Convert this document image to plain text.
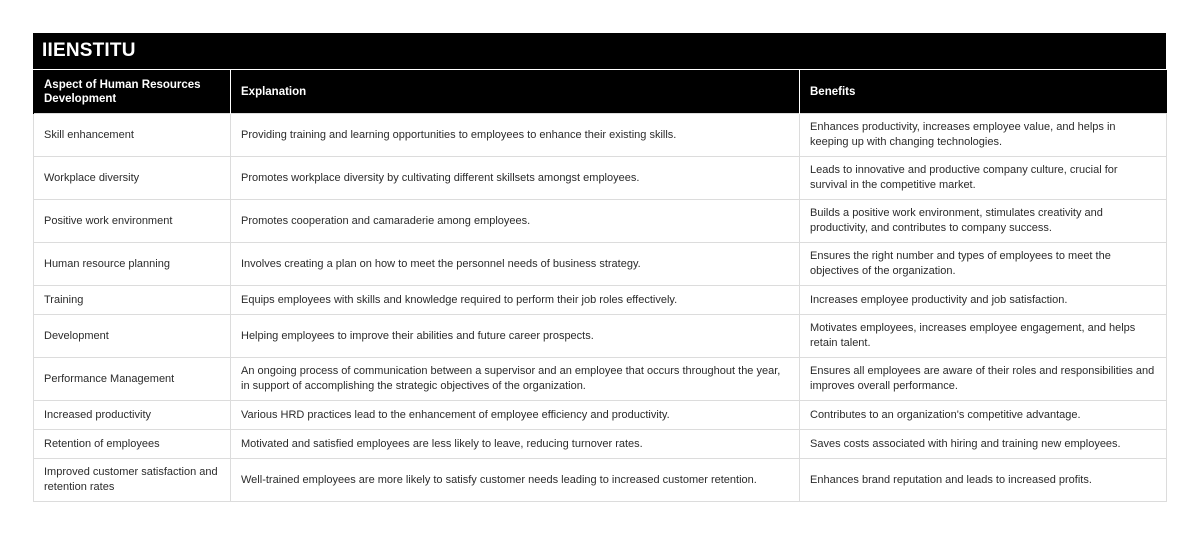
IIENSTITU
Aspect of Human Resources Development	Explanation	Benefits
Skill enhancement	Providing training and learning opportunities to employees to enhance their existing skills.	Enhances productivity, increases employee value, and helps in keeping up with changing technologies.
Workplace diversity	Promotes workplace diversity by cultivating different skillsets amongst employees.	Leads to innovative and productive company culture, crucial for survival in the competitive market.
Positive work environment	Promotes cooperation and camaraderie among employees.	Builds a positive work environment, stimulates creativity and productivity, and contributes to company success.
Human resource planning	Involves creating a plan on how to meet the personnel needs of business strategy.	Ensures the right number and types of employees to meet the objectives of the organization.
Training	Equips employees with skills and knowledge required to perform their job roles effectively.	Increases employee productivity and job satisfaction.
Development	Helping employees to improve their abilities and future career prospects.	Motivates employees, increases employee engagement, and helps retain talent.
Performance Management	An ongoing process of communication between a supervisor and an employee that occurs throughout the year, in support of accomplishing the strategic objectives of the organization.	Ensures all employees are aware of their roles and responsibilities and improves overall performance.
Increased productivity	Various HRD practices lead to the enhancement of employee efficiency and productivity.	Contributes to an organization's competitive advantage.
Retention of employees	Motivated and satisfied employees are less likely to leave, reducing turnover rates.	Saves costs associated with hiring and training new employees.
Improved customer satisfaction and retention rates	Well-trained employees are more likely to satisfy customer needs leading to increased customer retention.	Enhances brand reputation and leads to increased profits.
